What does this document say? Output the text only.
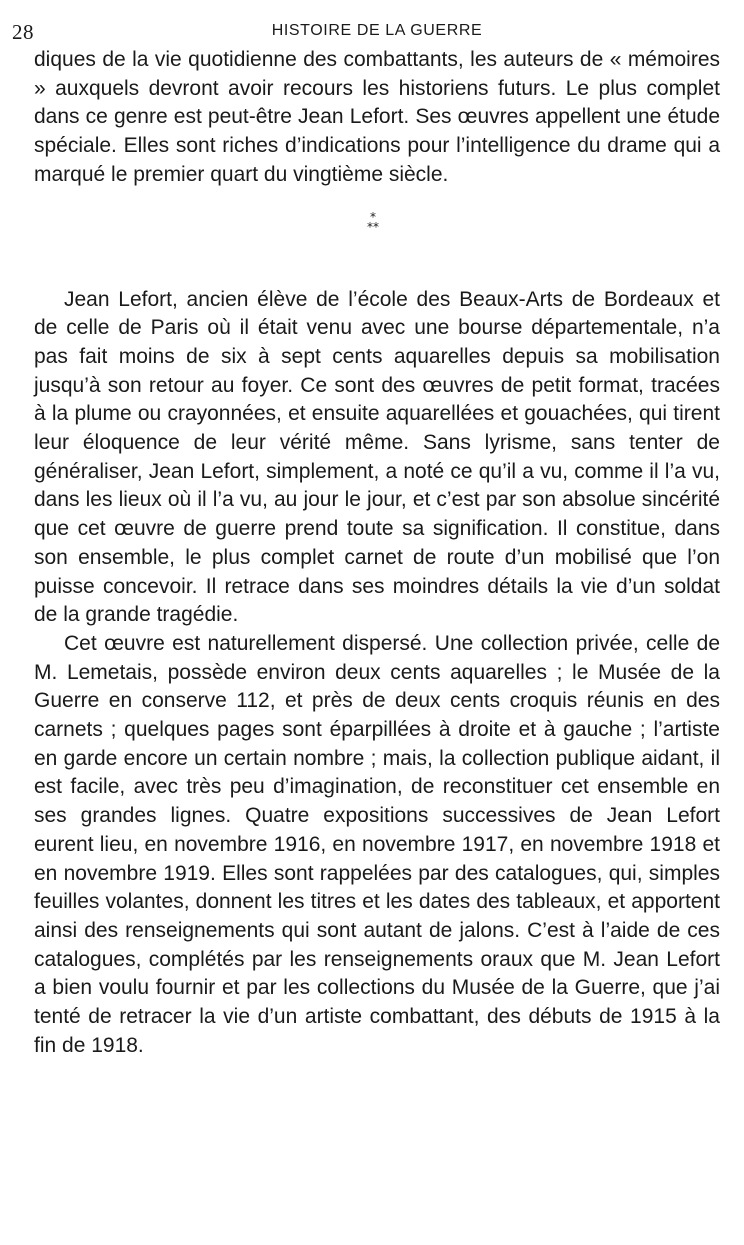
28	HISTOIRE DE LA GUERRE

diques de la vie quotidienne des combattants, les auteurs de « mémoires » auxquels devront avoir recours les historiens futurs. Le plus complet dans ce genre est peut-être Jean Lefort. Ses œuvres appellent une étude spéciale. Elles sont riches d’indications pour l’intelligence du drame qui a marqué le premier quart du vingtième siècle.

*
**

Jean Lefort, ancien élève de l’école des Beaux-Arts de Bordeaux et de celle de Paris où il était venu avec une bourse départementale, n’a pas fait moins de six à sept cents aquarelles depuis sa mobilisation jusqu’à son retour au foyer. Ce sont des œuvres de petit format, tracées à la plume ou crayonnées, et ensuite aquarellées et gouachées, qui tirent leur éloquence de leur vérité même. Sans lyrisme, sans tenter de généraliser, Jean Lefort, simplement, a noté ce qu’il a vu, comme il l’a vu, dans les lieux où il l’a vu, au jour le jour, et c’est par son absolue sincérité que cet œuvre de guerre prend toute sa signification. Il constitue, dans son ensemble, le plus complet carnet de route d’un mobilisé que l’on puisse concevoir. Il retrace dans ses moindres détails la vie d’un soldat de la grande tragédie.

Cet œuvre est naturellement dispersé. Une collection privée, celle de M. Lemetais, possède environ deux cents aquarelles ; le Musée de la Guerre en conserve 112, et près de deux cents croquis réunis en des carnets ; quelques pages sont éparpillées à droite et à gauche ; l’artiste en garde encore un certain nombre ; mais, la collection publique aidant, il est facile, avec très peu d’imagination, de reconstituer cet ensemble en ses grandes lignes. Quatre expositions successives de Jean Lefort eurent lieu, en novembre 1916, en novembre 1917, en novembre 1918 et en novembre 1919. Elles sont rappelées par des catalogues, qui, simples feuilles volantes, donnent les titres et les dates des tableaux, et apportent ainsi des renseignements qui sont autant de jalons. C’est à l’aide de ces catalogues, complétés par les renseignements oraux que M. Jean Lefort a bien voulu fournir et par les collections du Musée de la Guerre, que j’ai tenté de retracer la vie d’un artiste combattant, des débuts de 1915 à la fin de 1918.
